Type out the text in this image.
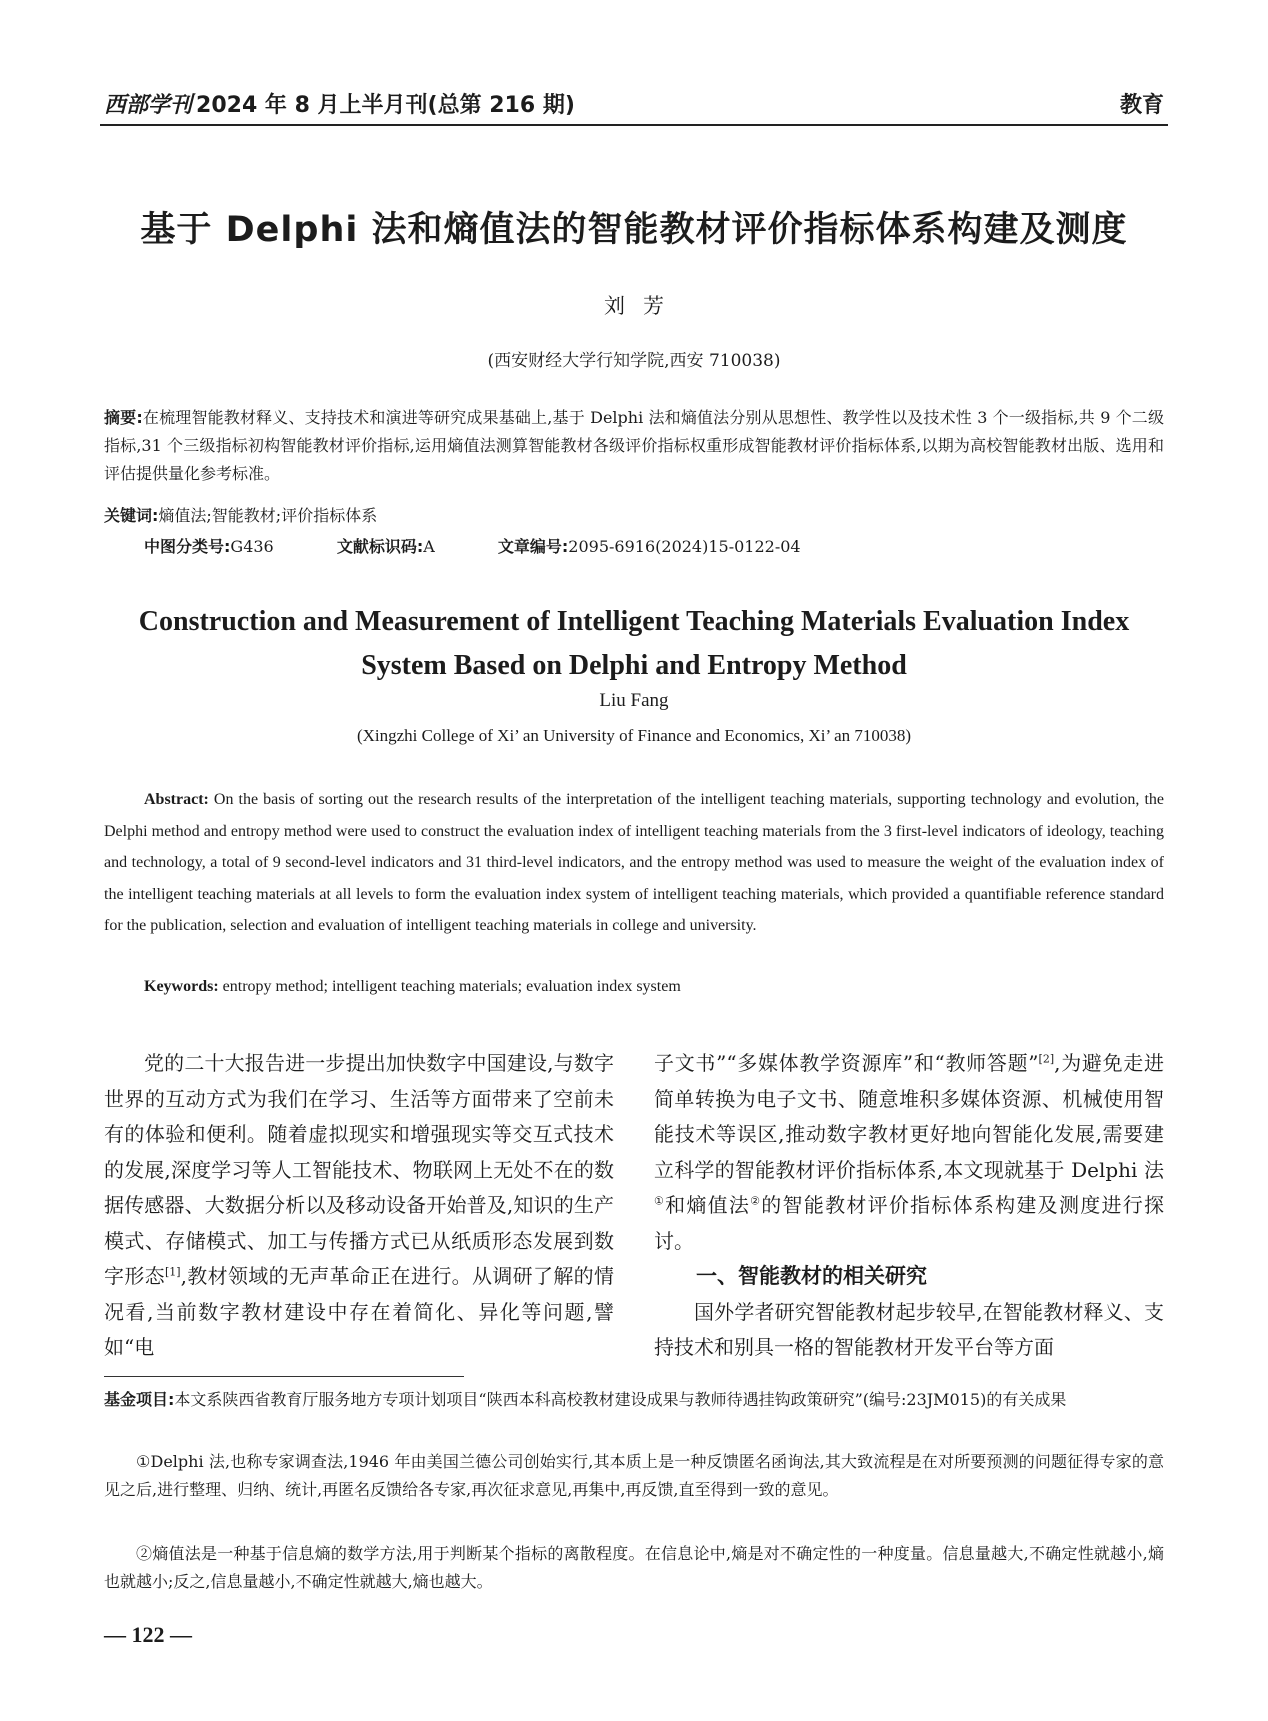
西部学刊 2024 年 8 月上半月刊(总第 216 期)	教育
基于 Delphi 法和熵值法的智能教材评价指标体系构建及测度
刘芳
(西安财经大学行知学院,西安 710038)
摘要:在梳理智能教材释义、支持技术和演进等研究成果基础上,基于 Delphi 法和熵值法分别从思想性、教学性以及技术性 3 个一级指标,共 9 个二级指标,31 个三级指标初构智能教材评价指标,运用熵值法测算智能教材各级评价指标权重形成智能教材评价指标体系,以期为高校智能教材出版、选用和评估提供量化参考标准。
关键词:熵值法;智能教材;评价指标体系
中图分类号:G436	文献标识码:A	文章编号:2095-6916(2024)15-0122-04
Construction and Measurement of Intelligent Teaching Materials Evaluation Index System Based on Delphi and Entropy Method
Liu Fang
(Xingzhi College of Xi’ an University of Finance and Economics, Xi’ an 710038)
Abstract: On the basis of sorting out the research results of the interpretation of the intelligent teaching materials, supporting technology and evolution, the Delphi method and entropy method were used to construct the evaluation index of intelligent teaching materials from the 3 first-level indicators of ideology, teaching and technology, a total of 9 second-level indicators and 31 third-level indicators, and the entropy method was used to measure the weight of the evaluation index of the intelligent teaching materials at all levels to form the evaluation index system of intelligent teaching materials, which provided a quantifiable reference standard for the publication, selection and evaluation of intelligent teaching materials in college and university.
Keywords: entropy method; intelligent teaching materials; evaluation index system
党的二十大报告进一步提出加快数字中国建设,与数字世界的互动方式为我们在学习、生活等方面带来了空前未有的体验和便利。随着虚拟现实和增强现实等交互式技术的发展,深度学习等人工智能技术、物联网上无处不在的数据传感器、大数据分析以及移动设备开始普及,知识的生产模式、存储模式、加工与传播方式已从纸质形态发展到数字形态[1],教材领域的无声革命正在进行。从调研了解的情况看,当前数字教材建设中存在着简化、异化等问题,譬如“电
子文书”“多媒体教学资源库”和“教师答题”[2],为避免走进简单转换为电子文书、随意堆积多媒体资源、机械使用智能技术等误区,推动数字教材更好地向智能化发展,需要建立科学的智能教材评价指标体系,本文现就基于 Delphi 法①和熵值法②的智能教材评价指标体系构建及测度进行探讨。
一、智能教材的相关研究
国外学者研究智能教材起步较早,在智能教材释义、支持技术和别具一格的智能教材开发平台等方面
基金项目:本文系陕西省教育厅服务地方专项计划项目“陕西本科高校教材建设成果与教师待遇挂钩政策研究”(编号:23JM015)的有关成果
①Delphi 法,也称专家调查法,1946 年由美国兰德公司创始实行,其本质上是一种反馈匿名函询法,其大致流程是在对所要预测的问题征得专家的意见之后,进行整理、归纳、统计,再匿名反馈给各专家,再次征求意见,再集中,再反馈,直至得到一致的意见。
②熵值法是一种基于信息熵的数学方法,用于判断某个指标的离散程度。在信息论中,熵是对不确定性的一种度量。信息量越大,不确定性就越小,熵也就越小;反之,信息量越小,不确定性就越大,熵也越大。
— 122 —
